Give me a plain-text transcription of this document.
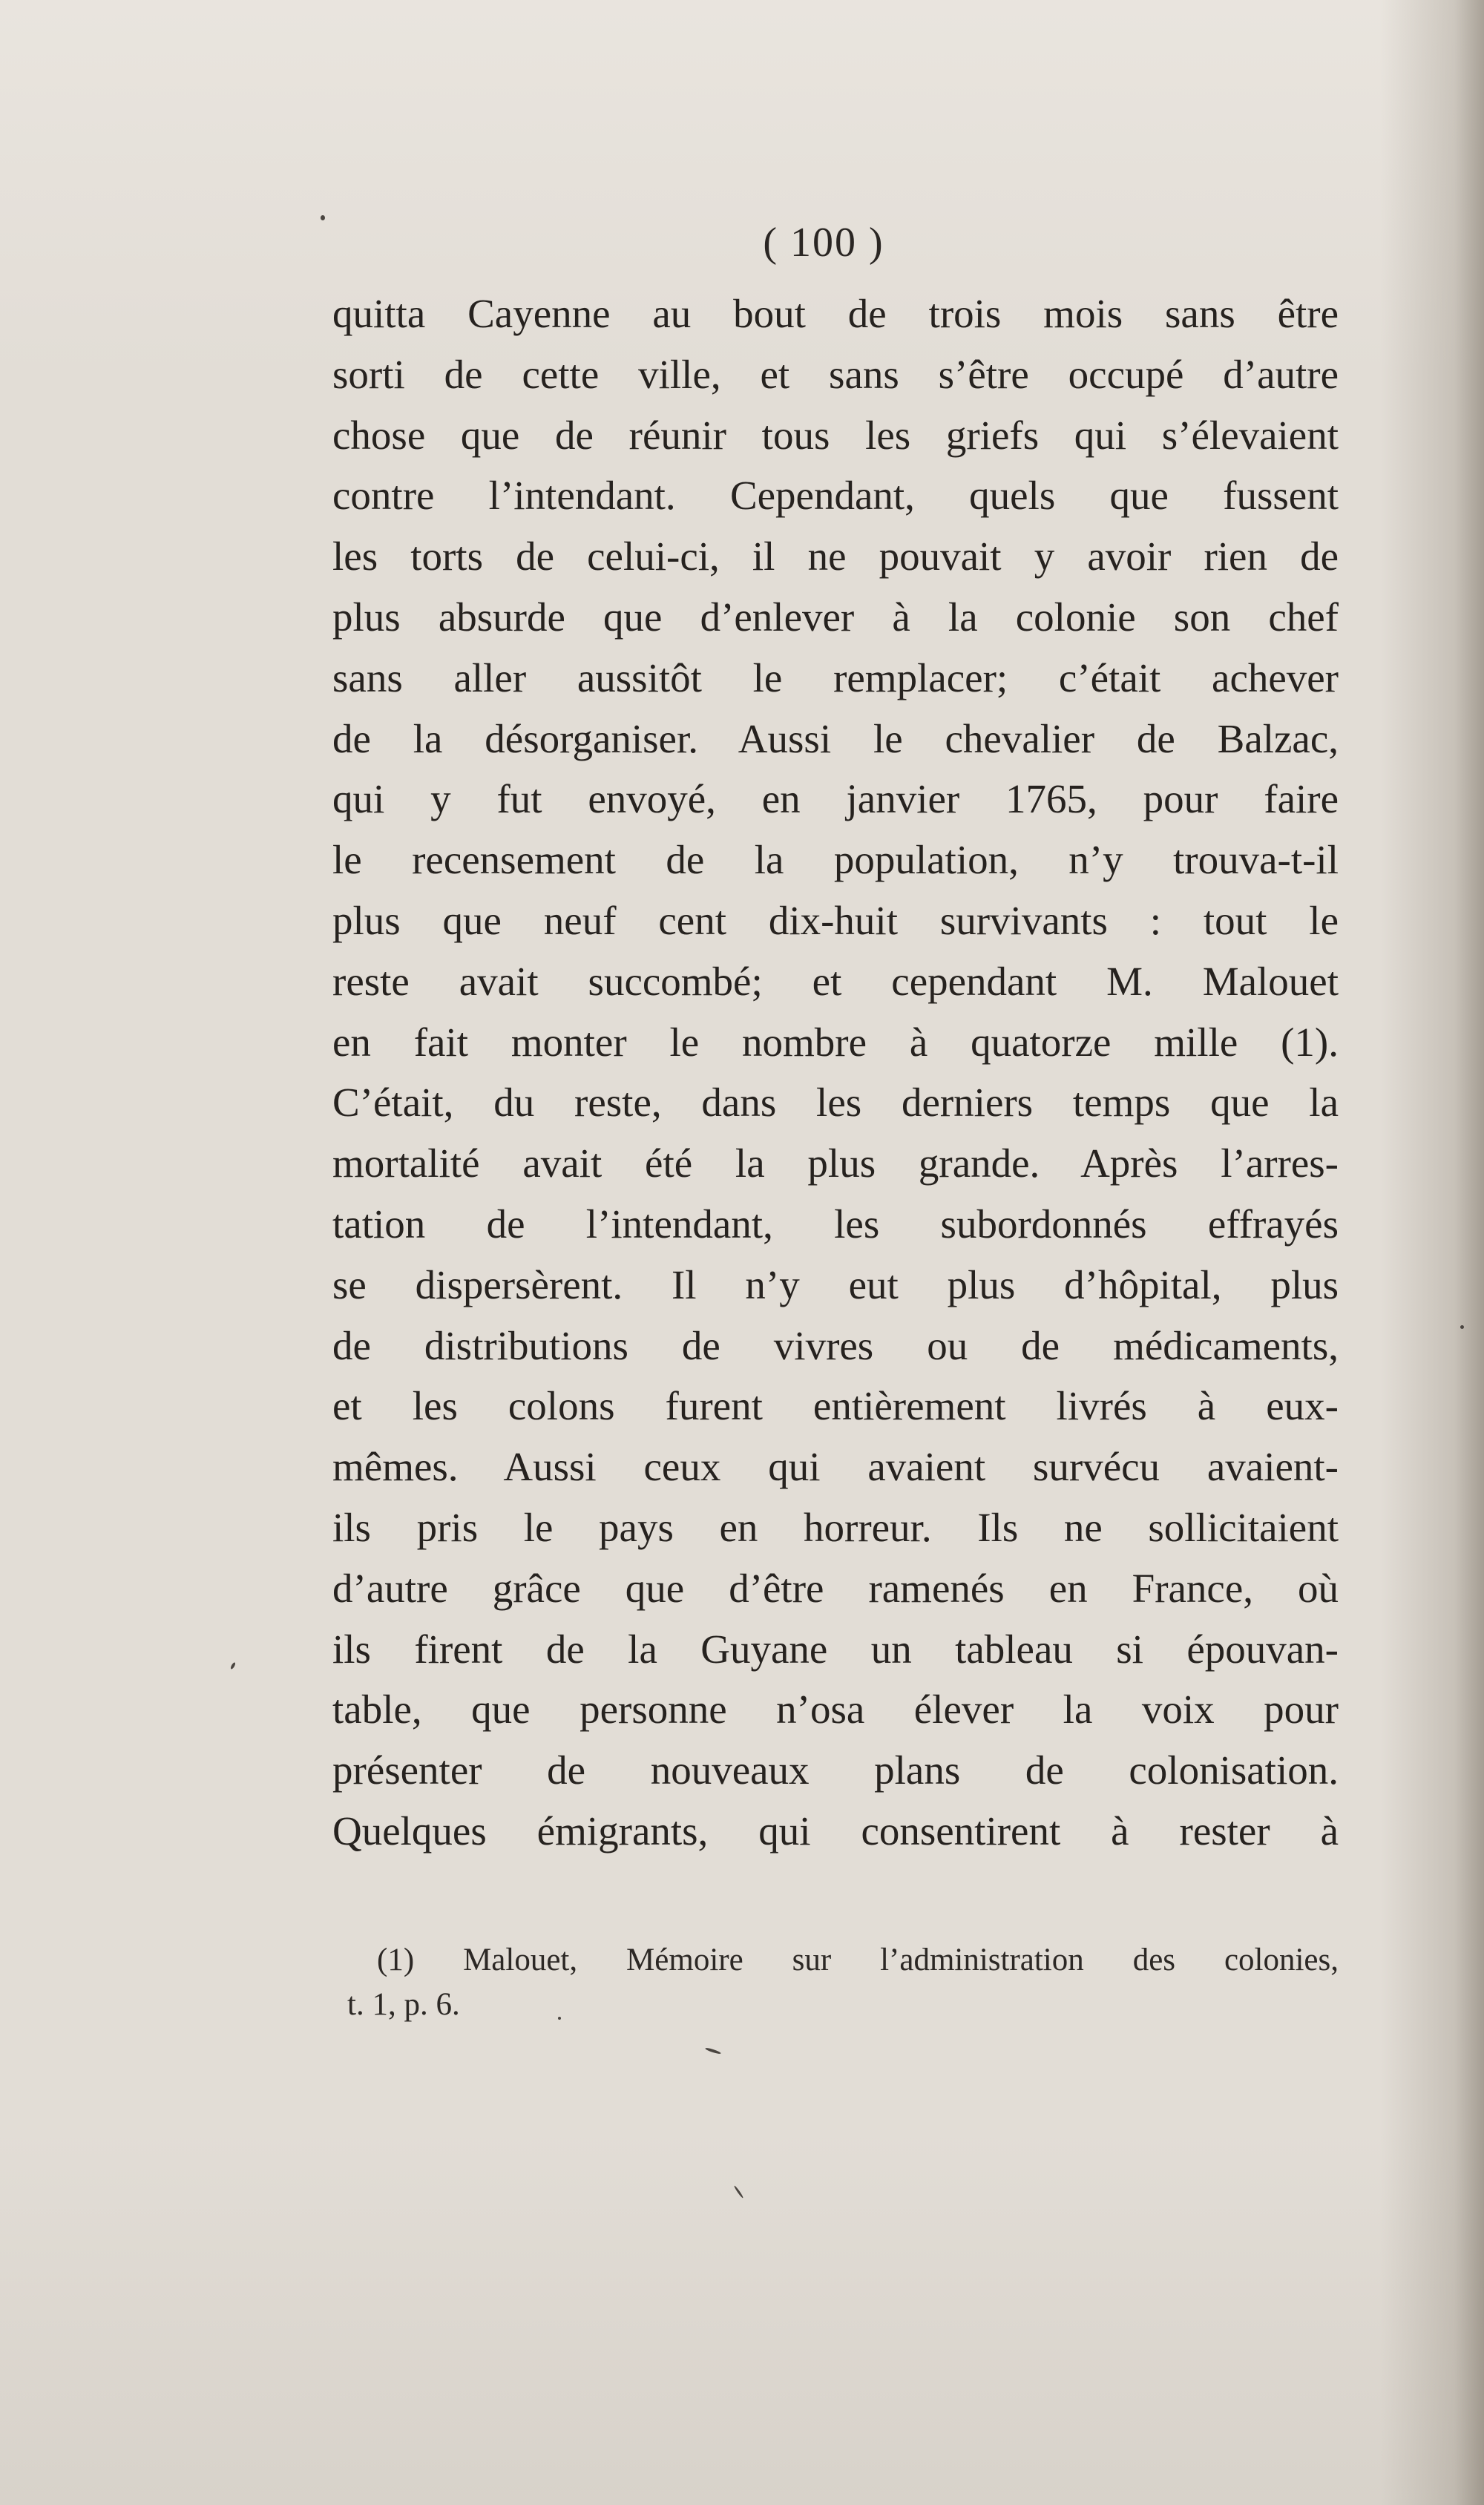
( 100 )
quitta Cayenne au bout de trois mois sans être
sorti de cette ville, et sans s’être occupé d’autre
chose que de réunir tous les griefs qui s’élevaient
contre l’intendant. Cependant, quels que fussent
les torts de celui-ci, il ne pouvait y avoir rien de
plus absurde que d’enlever à la colonie son chef
sans aller aussitôt le remplacer; c’était achever
de la désorganiser. Aussi le chevalier de Balzac,
qui y fut envoyé, en janvier 1765, pour faire
le recensement de la population, n’y trouva-t-il
plus que neuf cent dix-huit survivants : tout le
reste avait succombé; et cependant M. Malouet
en fait monter le nombre à quatorze mille (1).
C’était, du reste, dans les derniers temps que la
mortalité avait été la plus grande. Après l’arres-
tation de l’intendant, les subordonnés effrayés
se dispersèrent. Il n’y eut plus d’hôpital, plus
de distributions de vivres ou de médicaments,
et les colons furent entièrement livrés à eux-
mêmes. Aussi ceux qui avaient survécu avaient-
ils pris le pays en horreur. Ils ne sollicitaient
d’autre grâce que d’être ramenés en France, où
ils firent de la Guyane un tableau si épouvan-
table, que personne n’osa élever la voix pour
présenter de nouveaux plans de colonisation.
Quelques émigrants, qui consentirent à rester à
(1) Malouet, Mémoire sur l’administration des colonies,
t. 1, p. 6.
